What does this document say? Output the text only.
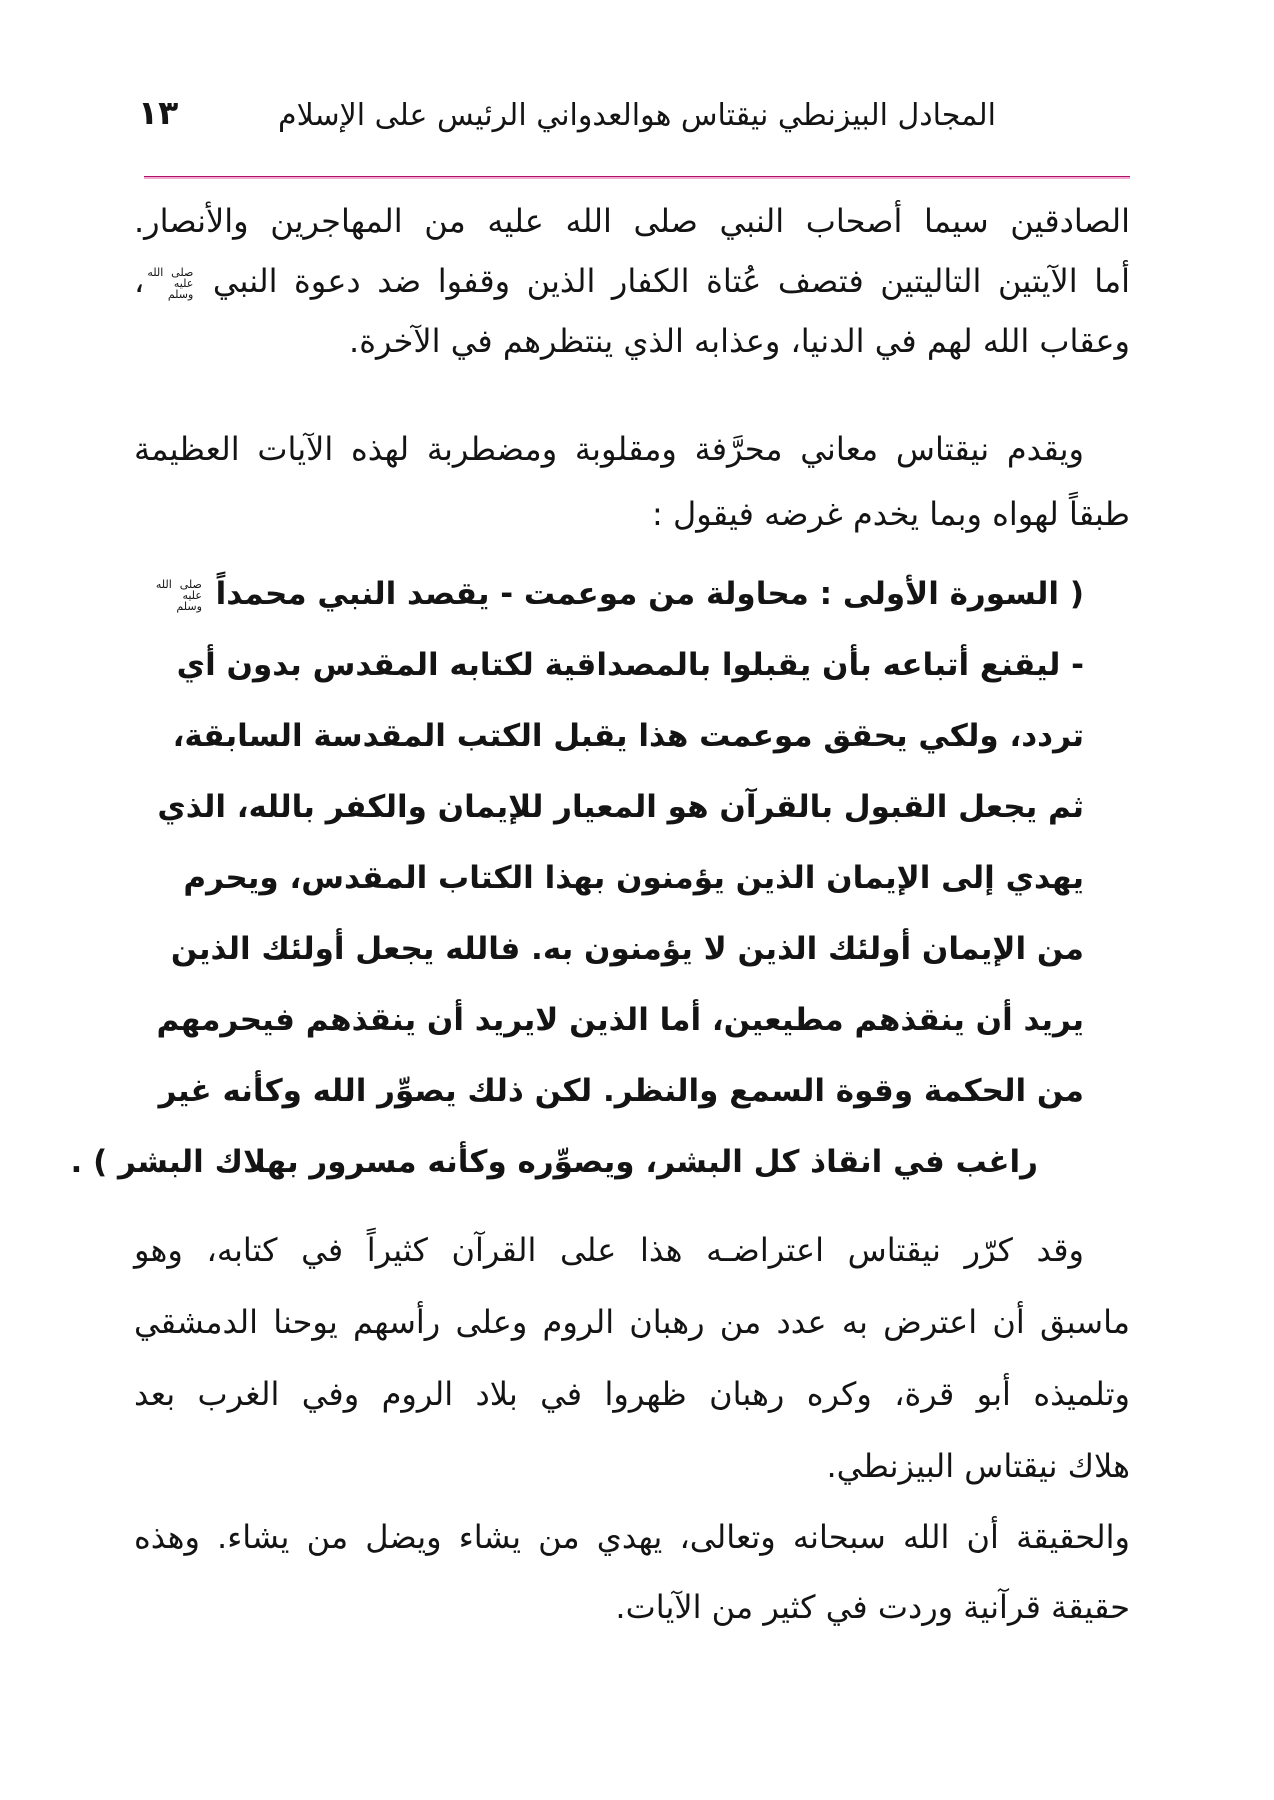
١٣	المجادل البيزنطي نيقتاس هوالعدواني الرئيس على الإسلام
الصادقين سيما أصحاب النبي صلى الله عليه من المهاجرين والأنصار.
أما الآيتين التاليتين فتصف عُتاة الكفار الذين وقفوا ضد دعوة النبي صلى الله
عليه
وسلم،
وعقاب الله لهم في الدنيا، وعذابه الذي ينتظرهم في الآخرة.
ويقدم نيقتاس معاني محرَّفة ومقلوبة ومضطربة لهذه الآيات العظيمة
طبقاً لهواه وبما يخدم غرضه فيقول :
( السورة الأولى : محاولة من موعمت - يقصد النبي محمداً صلى الله
عليه
وسلم
- ليقنع أتباعه بأن يقبلوا بالمصداقية لكتابه المقدس بدون أي
تردد، ولكي يحقق موعمت هذا يقبل الكتب المقدسة السابقة،
ثم يجعل القبول بالقرآن هو المعيار للإيمان والكفر بالله، الذي
يهدي إلى الإيمان الذين يؤمنون بهذا الكتاب المقدس، ويحرم
من الإيمان أولئك الذين لا يؤمنون به. فالله يجعل أولئك الذين
يريد أن ينقذهم مطيعين، أما الذين لايريد أن ينقذهم فيحرمهم
من الحكمة وقوة السمع والنظر. لكن ذلك يصوِّر الله وكأنه غير
راغب في انقاذ كل البشر، ويصوِّره وكأنه مسرور بهلاك البشر ) .
وقد كرّر نيقتاس اعتراضـه هذا على القرآن كثيراً في كتابه، وهو
ماسبق أن اعترض به عدد من رهبان الروم وعلى رأسهم يوحنا الدمشقي
وتلميذه أبو قرة، وكره رهبان ظهروا في بلاد الروم وفي الغرب بعد
هلاك نيقتاس البيزنطي.
والحقيقة أن الله سبحانه وتعالى، يهدي من يشاء ويضل من يشاء. وهذه
حقيقة قرآنية وردت في كثير من الآيات.
